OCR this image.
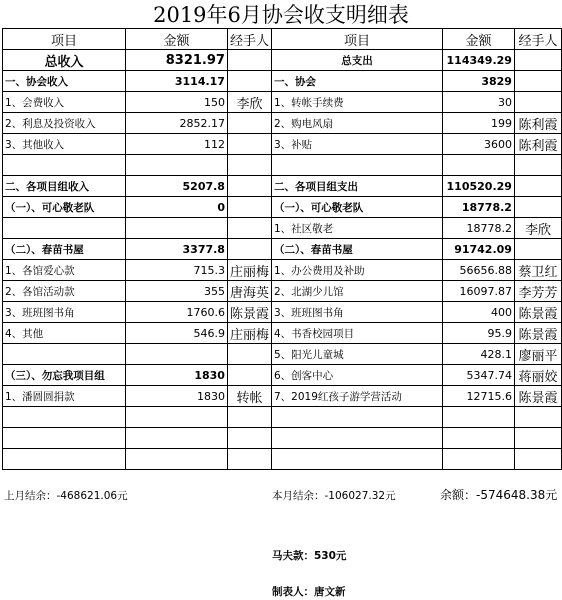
2019年6月协会收支明细表
项目	金额	经手人	项目	金额	经手人
总收入	8321.97		总支出	114349.29	
一、协会收入	3114.17		一、协会	3829	
1、会费收入	150	李欣	1、转帐手续费	30	
2、利息及投资收入	2852.17		2、购电风扇	199	陈利霞
3、其他收入	112		3、补贴	3600	陈利霞

二、各项目组收入	5207.8		二、各项目组支出	110520.29	
（一）、可心敬老队	0		（一）、可心敬老队	18778.2	
			1、社区敬老	18778.2	李欣
（二）、春苗书屋	3377.8		（二）、春苗书屋	91742.09	
1、各馆爱心款	715.3	庄丽梅	1、办公费用及补助	56656.88	蔡卫红
2、各馆活动款	355	唐海英	2、北湖少儿馆	16097.87	李芳芳
3、班班图书角	1760.6	陈景霞	3、班班图书角	400	陈景霞
4、其他	546.9	庄丽梅	4、书香校园项目	95.9	陈景霞
			5、阳光儿童城	428.1	廖丽平
（三）、勿忘我项目组	1830		6、创客中心	5347.74	蒋丽姣
1、潘圆圆捐款	1830	转帐	7、2019红孩子游学营活动	12715.6	陈景霞

上月结余：-468621.06元	本月结余：-106027.32元	余额：-574648.38元
马夫款：530元
制表人：唐文新
